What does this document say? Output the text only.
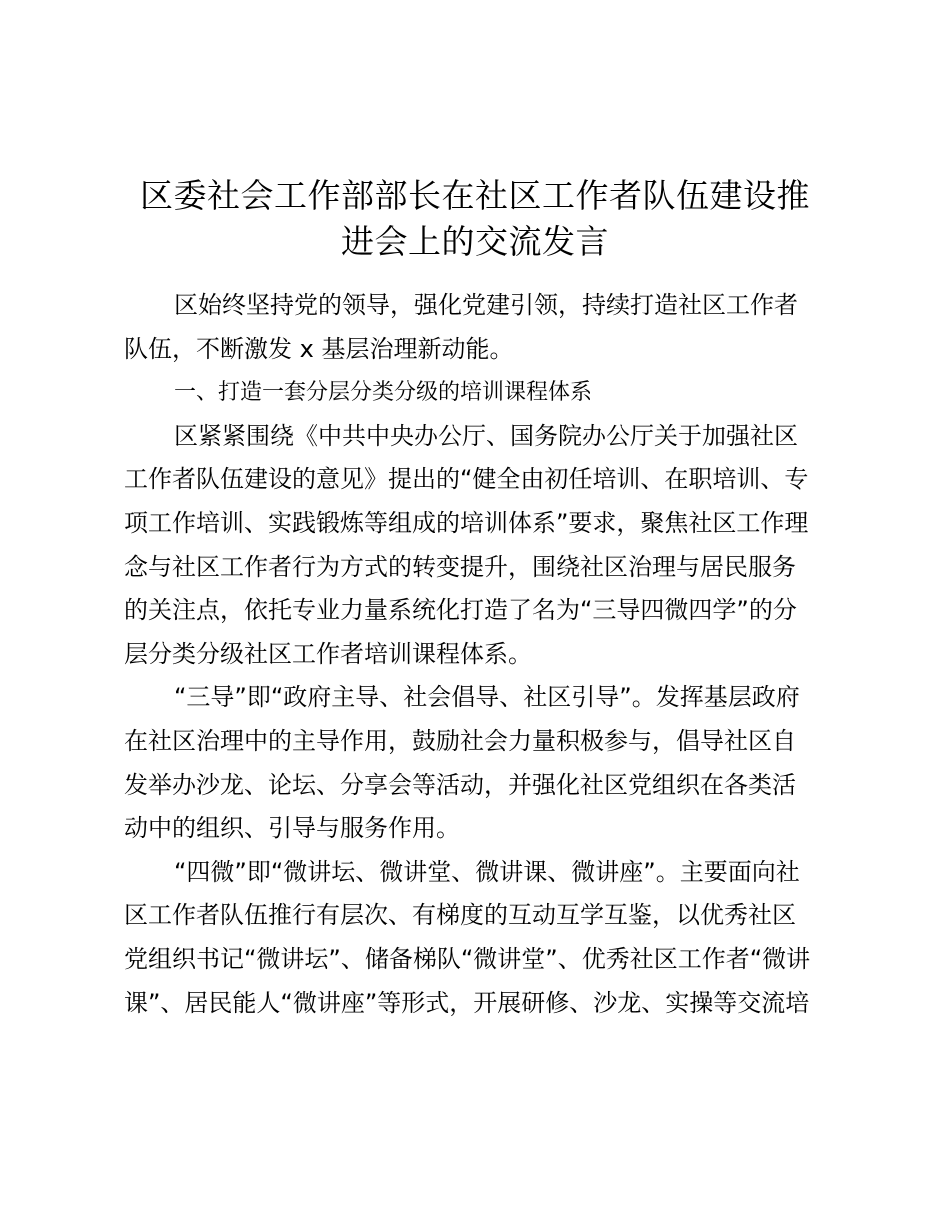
区委社会工作部部长在社区工作者队伍建设推
进会上的交流发言

区始终坚持党的领导，强化党建引领，持续打造社区工作者
队伍，不断激发 x 基层治理新动能。

一、打造一套分层分类分级的培训课程体系

区紧紧围绕《中共中央办公厅、国务院办公厅关于加强社区
工作者队伍建设的意见》提出的“健全由初任培训、在职培训、专
项工作培训、实践锻炼等组成的培训体系”要求，聚焦社区工作理
念与社区工作者行为方式的转变提升，围绕社区治理与居民服务
的关注点，依托专业力量系统化打造了名为“三导四微四学”的分
层分类分级社区工作者培训课程体系。

“三导”即“政府主导、社会倡导、社区引导”。发挥基层政府
在社区治理中的主导作用，鼓励社会力量积极参与，倡导社区自
发举办沙龙、论坛、分享会等活动，并强化社区党组织在各类活
动中的组织、引导与服务作用。

“四微”即“微讲坛、微讲堂、微讲课、微讲座”。主要面向社
区工作者队伍推行有层次、有梯度的互动互学互鉴，以优秀社区
党组织书记“微讲坛”、储备梯队“微讲堂”、优秀社区工作者“微讲
课”、居民能人“微讲座”等形式，开展研修、沙龙、实操等交流培
